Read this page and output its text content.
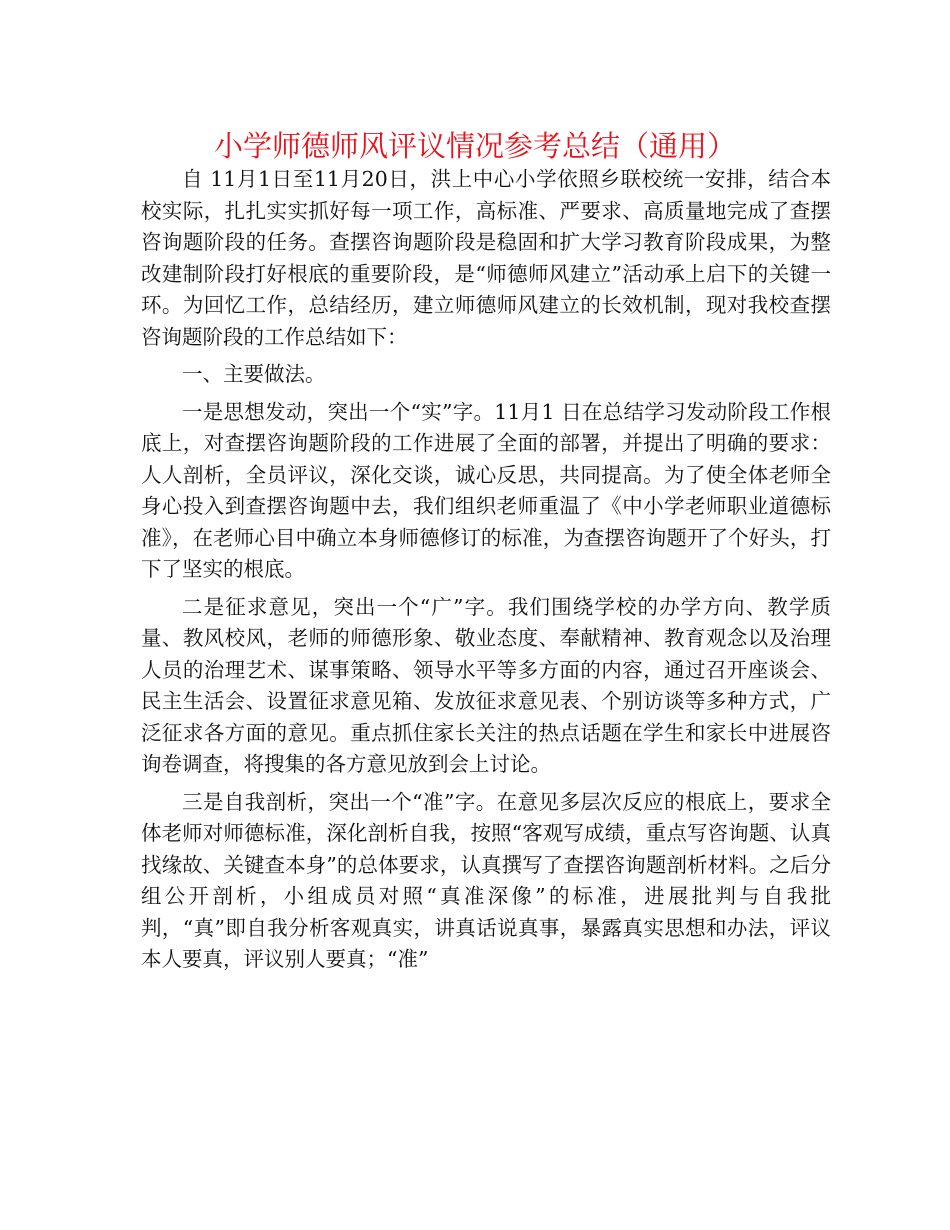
小学师德师风评议情况参考总结（通用）

自 11月1日至11月20日，洪上中心小学依照乡联校统一安排，结合本校实际，扎扎实实抓好每一项工作，高标准、严要求、高质量地完成了查摆咨询题阶段的任务。查摆咨询题阶段是稳固和扩大学习教育阶段成果，为整改建制阶段打好根底的重要阶段，是“师德师风建立”活动承上启下的关键一环。为回忆工作，总结经历，建立师德师风建立的长效机制，现对我校查摆咨询题阶段的工作总结如下：

一、主要做法。

一是思想发动，突出一个“实”字。11月1 日在总结学习发动阶段工作根底上，对查摆咨询题阶段的工作进展了全面的部署，并提出了明确的要求：人人剖析，全员评议，深化交谈，诚心反思，共同提高。为了使全体老师全身心投入到查摆咨询题中去，我们组织老师重温了《中小学老师职业道德标准》，在老师心目中确立本身师德修订的标准，为查摆咨询题开了个好头，打下了坚实的根底。

二是征求意见，突出一个“广”字。我们围绕学校的办学方向、教学质量、教风校风，老师的师德形象、敬业态度、奉献精神、教育观念以及治理人员的治理艺术、谋事策略、领导水平等多方面的内容，通过召开座谈会、民主生活会、设置征求意见箱、发放征求意见表、个别访谈等多种方式，广泛征求各方面的意见。重点抓住家长关注的热点话题在学生和家长中进展咨询卷调查，将搜集的各方意见放到会上讨论。

三是自我剖析，突出一个“准”字。在意见多层次反应的根底上，要求全体老师对师德标准，深化剖析自我，按照“客观写成绩，重点写咨询题、认真找缘故、关键查本身”的总体要求，认真撰写了查摆咨询题剖析材料。之后分组公开剖析，小组成员对照“真准深像”的标准，进展批判与自我批判，“真”即自我分析客观真实，讲真话说真事，暴露真实思想和办法，评议本人要真，评议别人要真；“准”
